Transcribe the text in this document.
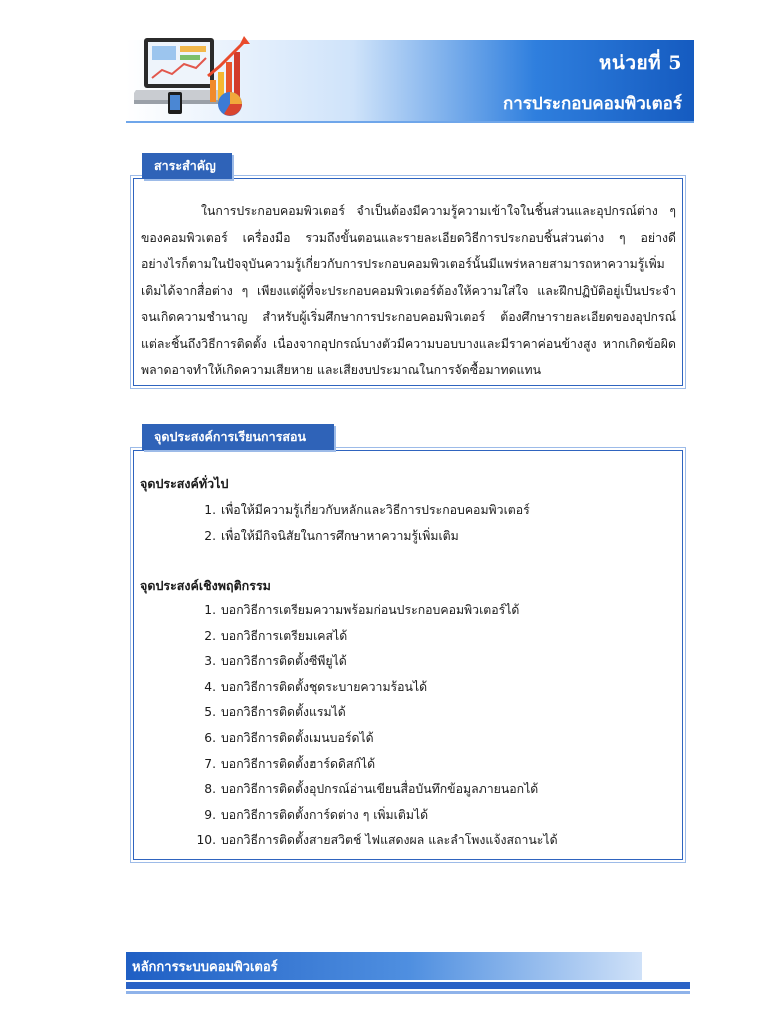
หน่วยที่ 5
การประกอบคอมพิวเตอร์
สาระสำคัญ

ในการประกอบคอมพิวเตอร์ จำเป็นต้องมีความรู้ความเข้าใจในชิ้นส่วนและอุปกรณ์ต่าง ๆ ของคอมพิวเตอร์ เครื่องมือ รวมถึงขั้นตอนและรายละเอียดวิธีการประกอบชิ้นส่วนต่าง ๆ อย่างดี อย่างไรก็ตามในปัจจุบันความรู้เกี่ยวกับการประกอบคอมพิวเตอร์นั้นมีแพร่หลายสามารถหาความรู้เพิ่มเติมได้จากสื่อต่าง ๆ เพียงแต่ผู้ที่จะประกอบคอมพิวเตอร์ต้องให้ความใส่ใจ และฝึกปฏิบัติอยู่เป็นประจำจนเกิดความชำนาญ สำหรับผู้เริ่มศึกษาการประกอบคอมพิวเตอร์ ต้องศึกษารายละเอียดของอุปกรณ์แต่ละชิ้นถึงวิธีการติดตั้ง เนื่องจากอุปกรณ์บางตัวมีความบอบบางและมีราคาค่อนข้างสูง หากเกิดข้อผิดพลาดอาจทำให้เกิดความเสียหาย และเสียงบประมาณในการจัดซื้อมาทดแทน

จุดประสงค์การเรียนการสอน
จุดประสงค์ทั่วไป
1. เพื่อให้มีความรู้เกี่ยวกับหลักและวิธีการประกอบคอมพิวเตอร์
2. เพื่อให้มีกิจนิสัยในการศึกษาหาความรู้เพิ่มเติม
จุดประสงค์เชิงพฤติกรรม
1. บอกวิธีการเตรียมความพร้อมก่อนประกอบคอมพิวเตอร์ได้
2. บอกวิธีการเตรียมเคสได้
3. บอกวิธีการติดตั้งซีพียูได้
4. บอกวิธีการติดตั้งชุดระบายความร้อนได้
5. บอกวิธีการติดตั้งแรมได้
6. บอกวิธีการติดตั้งเมนบอร์ดได้
7. บอกวิธีการติดตั้งฮาร์ดดิสก์ได้
8. บอกวิธีการติดตั้งอุปกรณ์อ่านเขียนสื่อบันทึกข้อมูลภายนอกได้
9. บอกวิธีการติดตั้งการ์ดต่าง ๆ เพิ่มเติมได้
10. บอกวิธีการติดตั้งสายสวิตช์ ไฟแสดงผล และลำโพงแจ้งสถานะได้
หลักการระบบคอมพิวเตอร์
